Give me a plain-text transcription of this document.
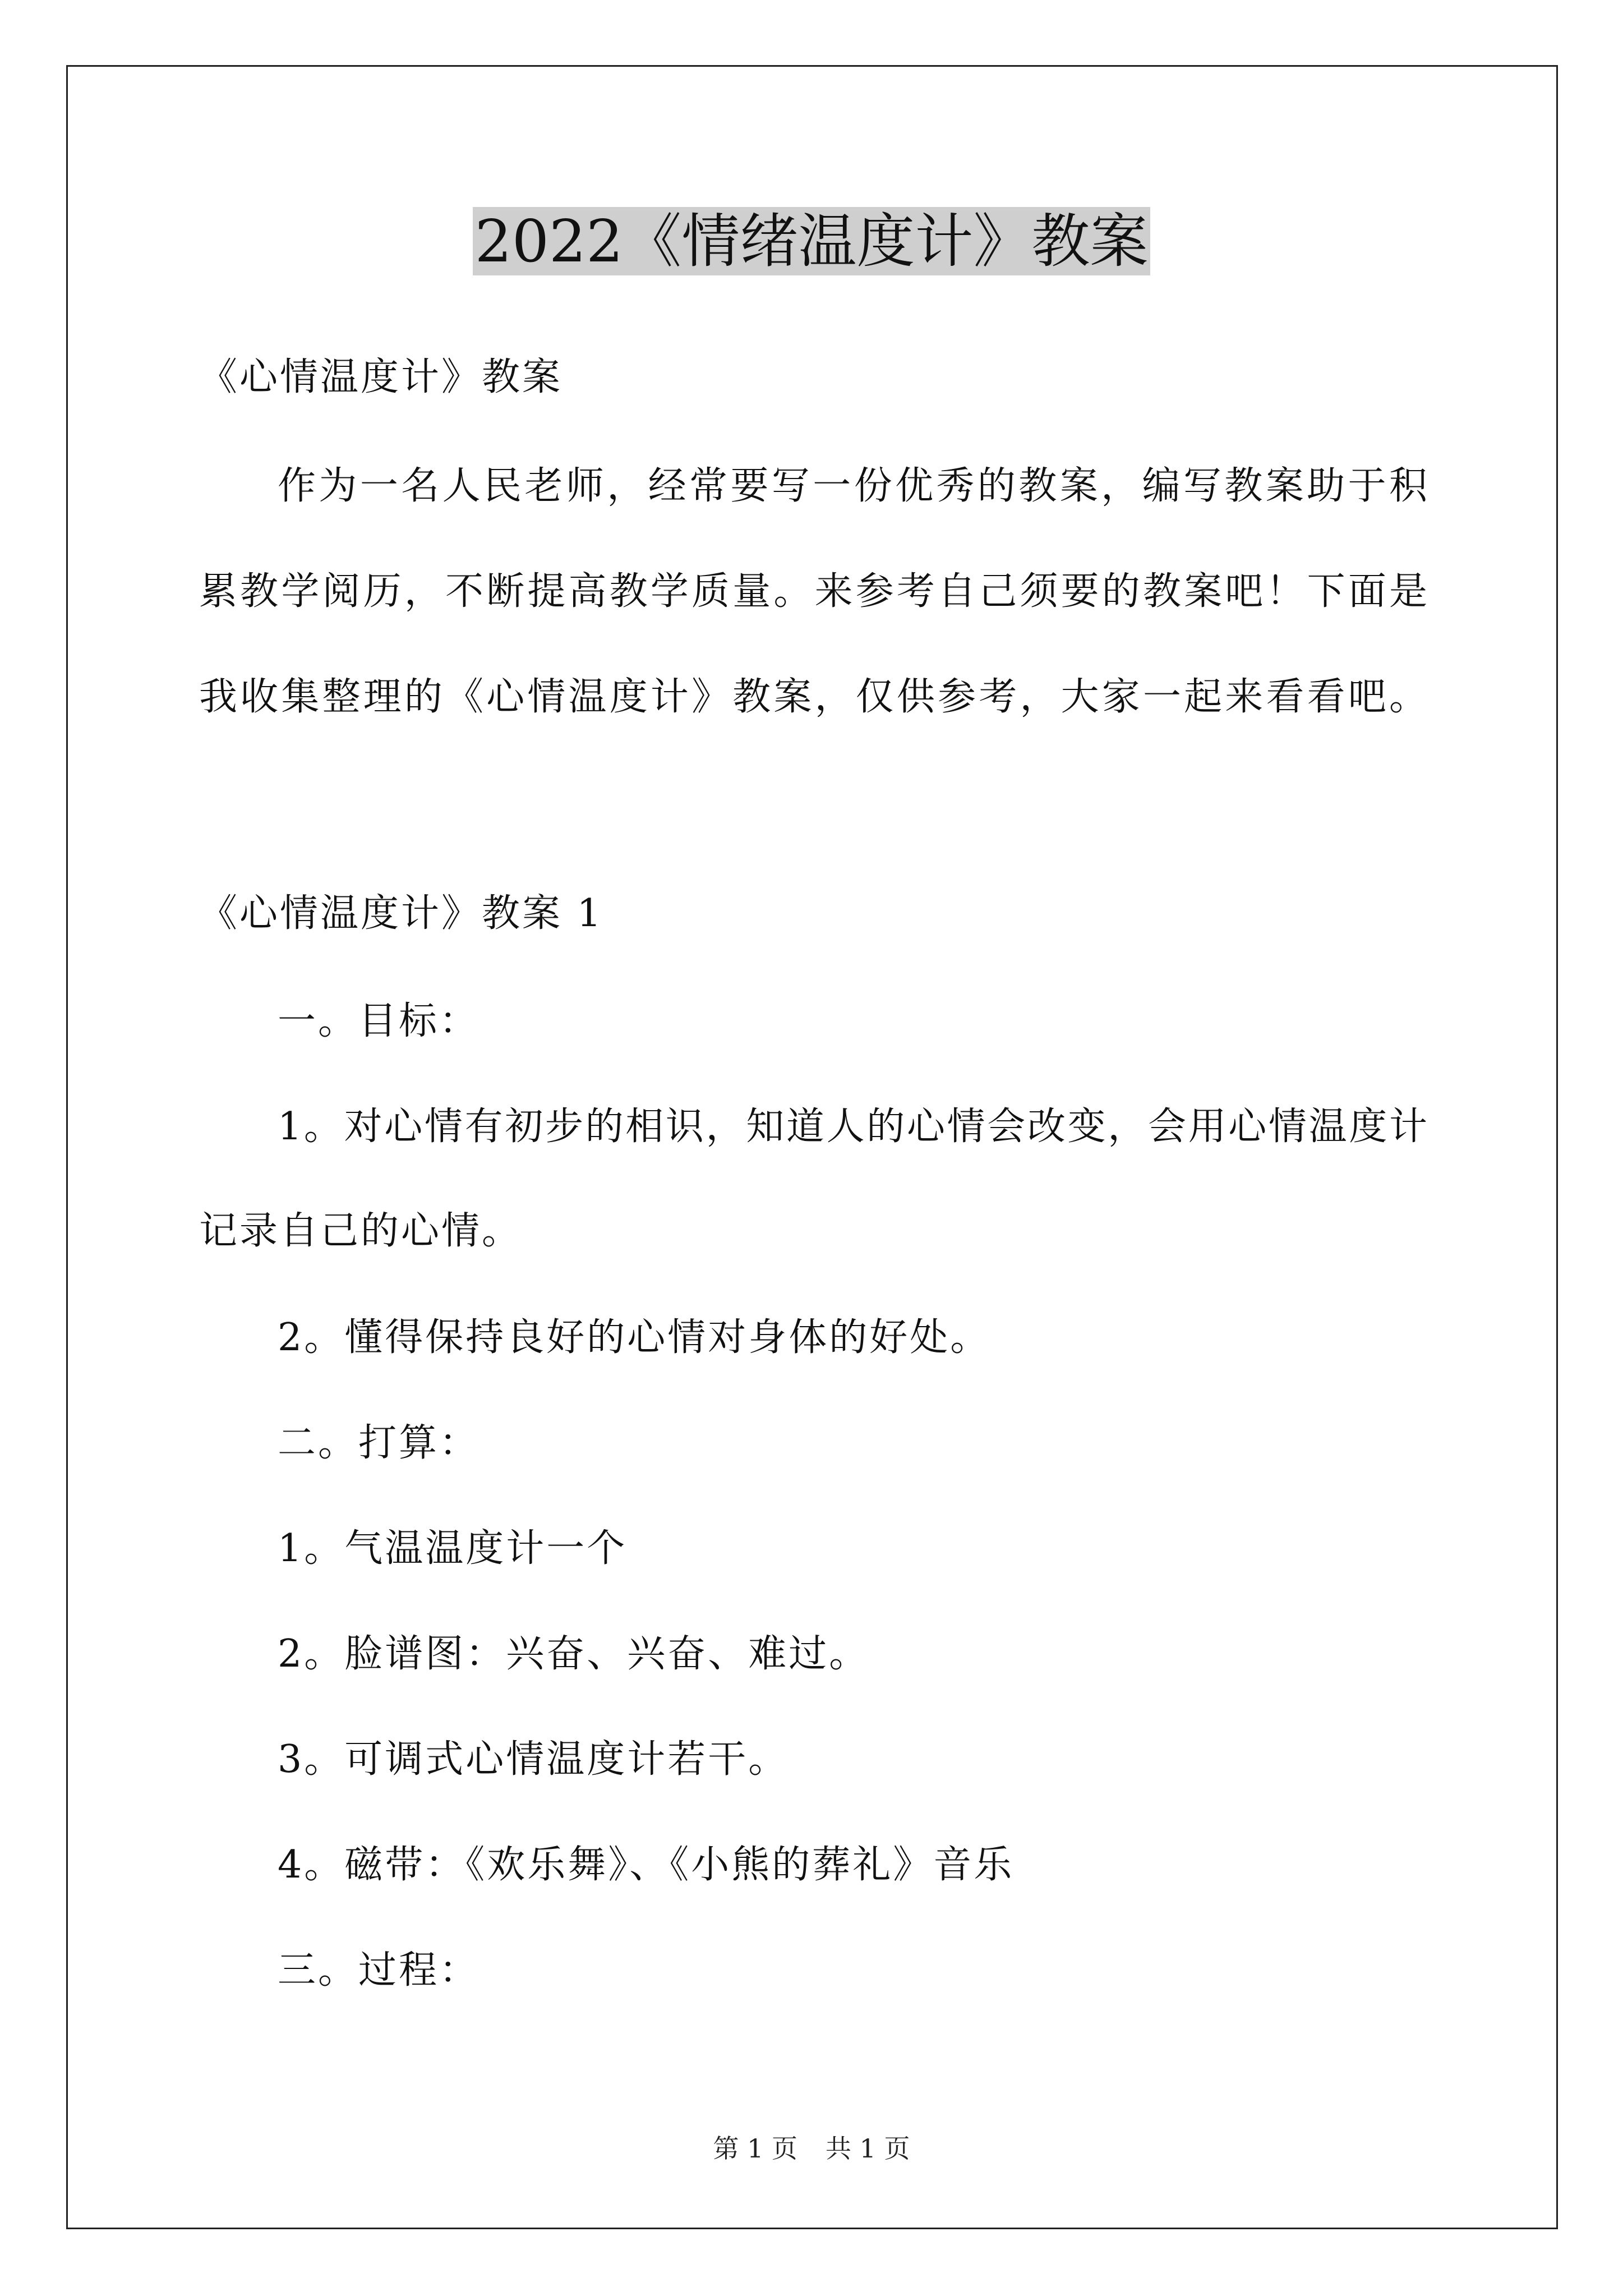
2022《情绪温度计》教案
《心情温度计》教案
作为一名人民老师，经常要写一份优秀的教案，编写教案助于积
累教学阅历，不断提高教学质量。来参考自己须要的教案吧！下面是
我收集整理的《心情温度计》教案，仅供参考，大家一起来看看吧。
《心情温度计》教案 1
一。目标：
1。对心情有初步的相识，知道人的心情会改变，会用心情温度计
记录自己的心情。
2。懂得保持良好的心情对身体的好处。
二。打算：
1。气温温度计一个
2。脸谱图：兴奋、兴奋、难过。
3。可调式心情温度计若干。
4。磁带：《欢乐舞》、《小熊的葬礼》音乐
三。过程：
第 1 页 共 1 页
